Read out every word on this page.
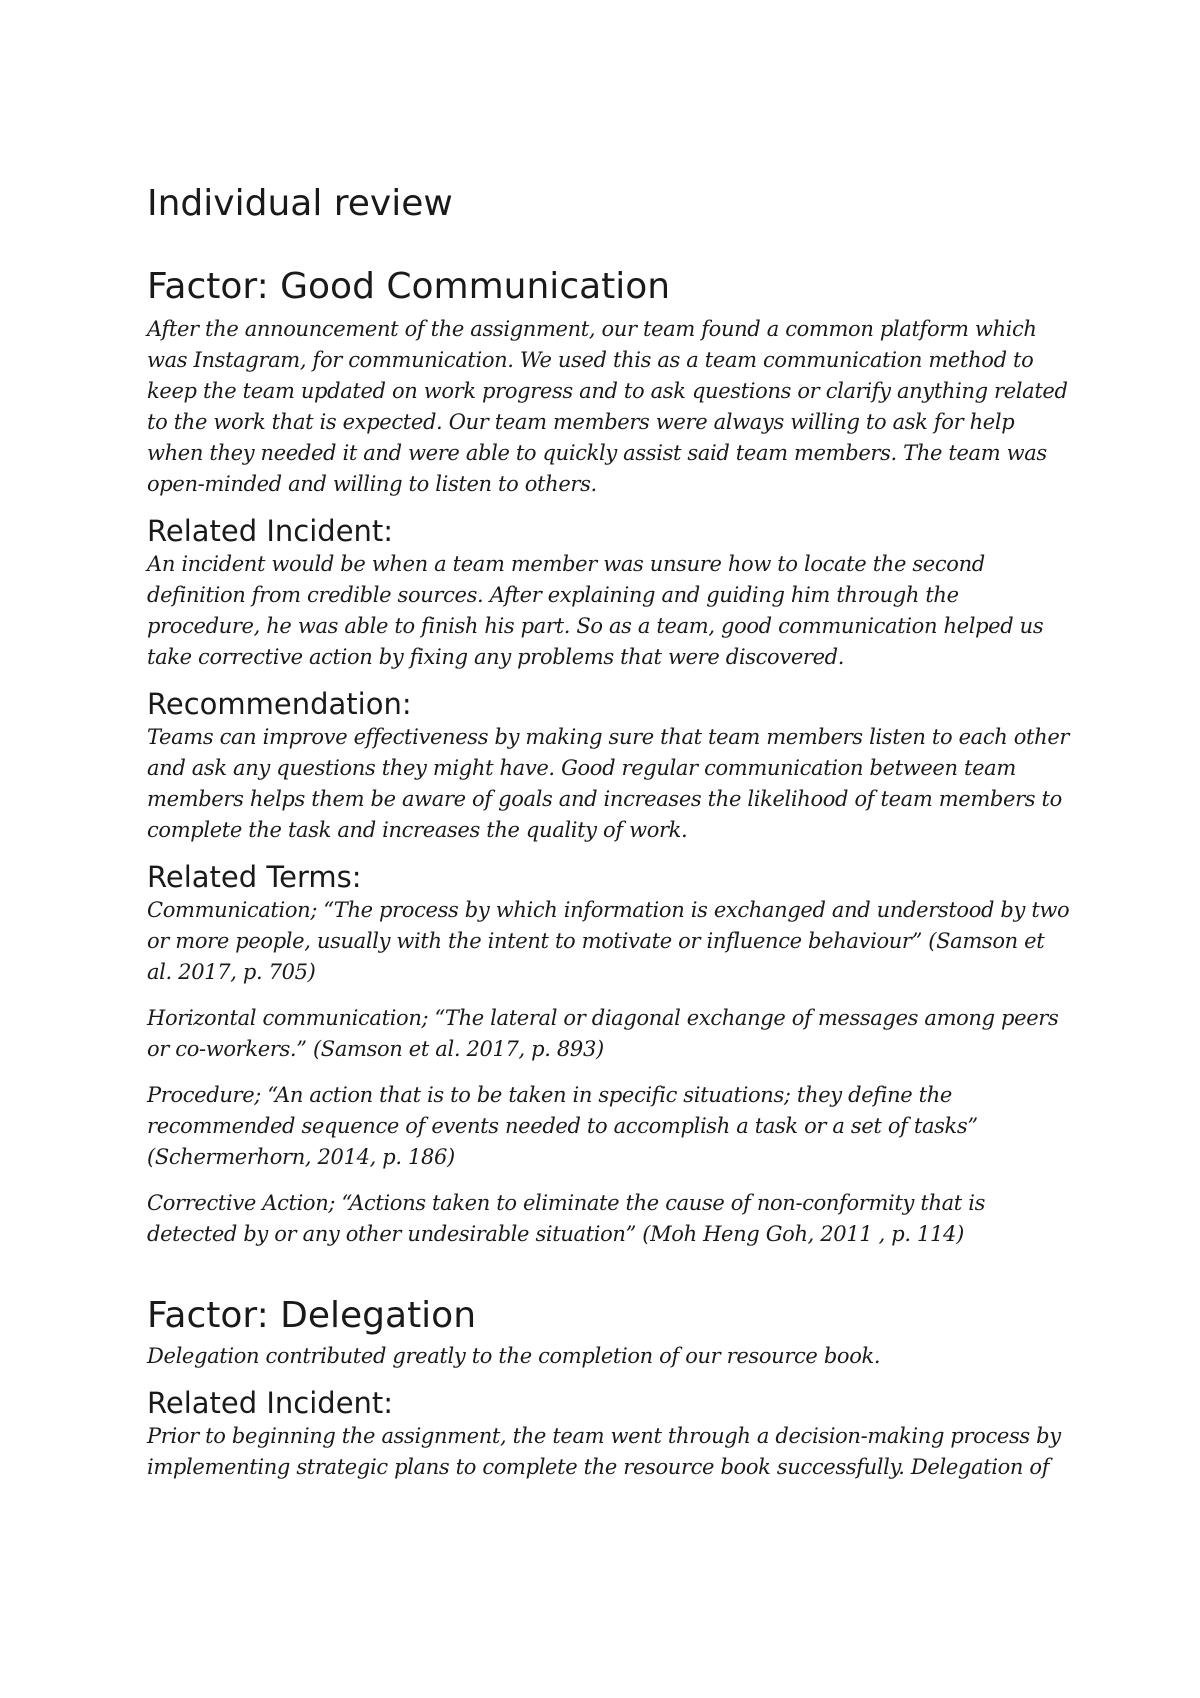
Individual review
Factor: Good Communication

After the announcement of the assignment, our team found a common platform which was Instagram, for communication. We used this as a team communication method to keep the team updated on work progress and to ask questions or clarify anything related to the work that is expected. Our team members were always willing to ask for help when they needed it and were able to quickly assist said team members. The team was open-minded and willing to listen to others.

Related Incident:

An incident would be when a team member was unsure how to locate the second definition from credible sources. After explaining and guiding him through the procedure, he was able to finish his part. So as a team, good communication helped us take corrective action by fixing any problems that were discovered.

Recommendation:

Teams can improve effectiveness by making sure that team members listen to each other and ask any questions they might have. Good regular communication between team members helps them be aware of goals and increases the likelihood of team members to complete the task and increases the quality of work.

Related Terms:

Communication; “The process by which information is exchanged and understood by two or more people, usually with the intent to motivate or influence behaviour” (Samson et al. 2017, p. 705)

Horizontal communication; “The lateral or diagonal exchange of messages among peers or co-workers.” (Samson et al. 2017, p. 893)

Procedure; “An action that is to be taken in specific situations; they define the recommended sequence of events needed to accomplish a task or a set of tasks” (Schermerhorn, 2014, p. 186)

Corrective Action; “Actions taken to eliminate the cause of non-conformity that is detected by or any other undesirable situation” (Moh Heng Goh, 2011 , p. 114)

Factor: Delegation

Delegation contributed greatly to the completion of our resource book.

Related Incident:

Prior to beginning the assignment, the team went through a decision-making process by implementing strategic plans to complete the resource book successfully. Delegation of
